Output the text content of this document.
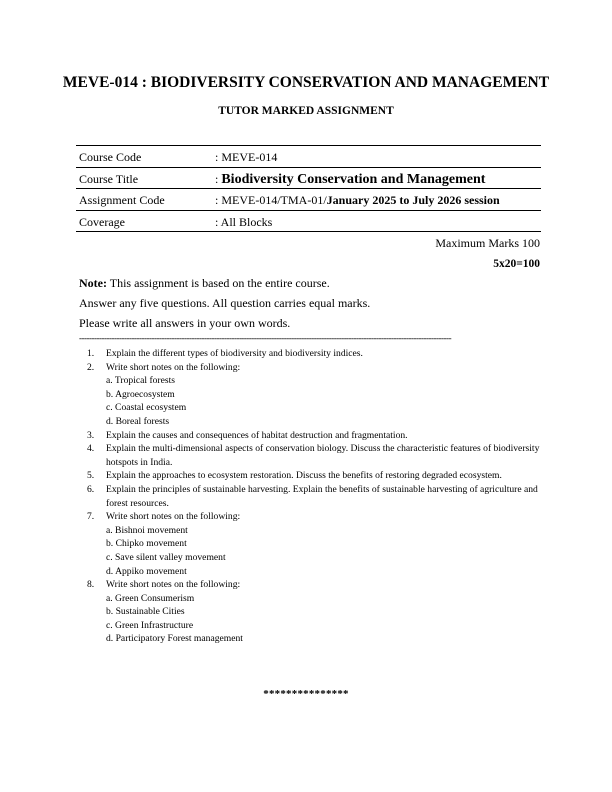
MEVE-014 : BIODIVERSITY CONSERVATION AND MANAGEMENT
TUTOR MARKED ASSIGNMENT
Course Code	: MEVE-014
Course Title	: Biodiversity Conservation and Management
Assignment Code	: MEVE-014/TMA-01/January 2025 to July 2026 session
Coverage	: All Blocks
Maximum Marks 100
5x20=100
Note: This assignment is based on the entire course.
Answer any five questions. All question carries equal marks.
Please write all answers in your own words.
-----------------------------------------------------------------------------------------------------------------------------------------------------
1. Explain the different types of biodiversity and biodiversity indices.
2. Write short notes on the following:
a. Tropical forests
b. Agroecosystem
c. Coastal ecosystem
d. Boreal forests
3. Explain the causes and consequences of habitat destruction and fragmentation.
4. Explain the multi-dimensional aspects of conservation biology. Discuss the characteristic features of biodiversity hotspots in India.
5. Explain the approaches to ecosystem restoration. Discuss the benefits of restoring degraded ecosystem.
6. Explain the principles of sustainable harvesting. Explain the benefits of sustainable harvesting of agriculture and forest resources.
7. Write short notes on the following:
a. Bishnoi movement
b. Chipko movement
c. Save silent valley movement
d. Appiko movement
8. Write short notes on the following:
a. Green Consumerism
b. Sustainable Cities
c. Green Infrastructure
d. Participatory Forest management
***************
